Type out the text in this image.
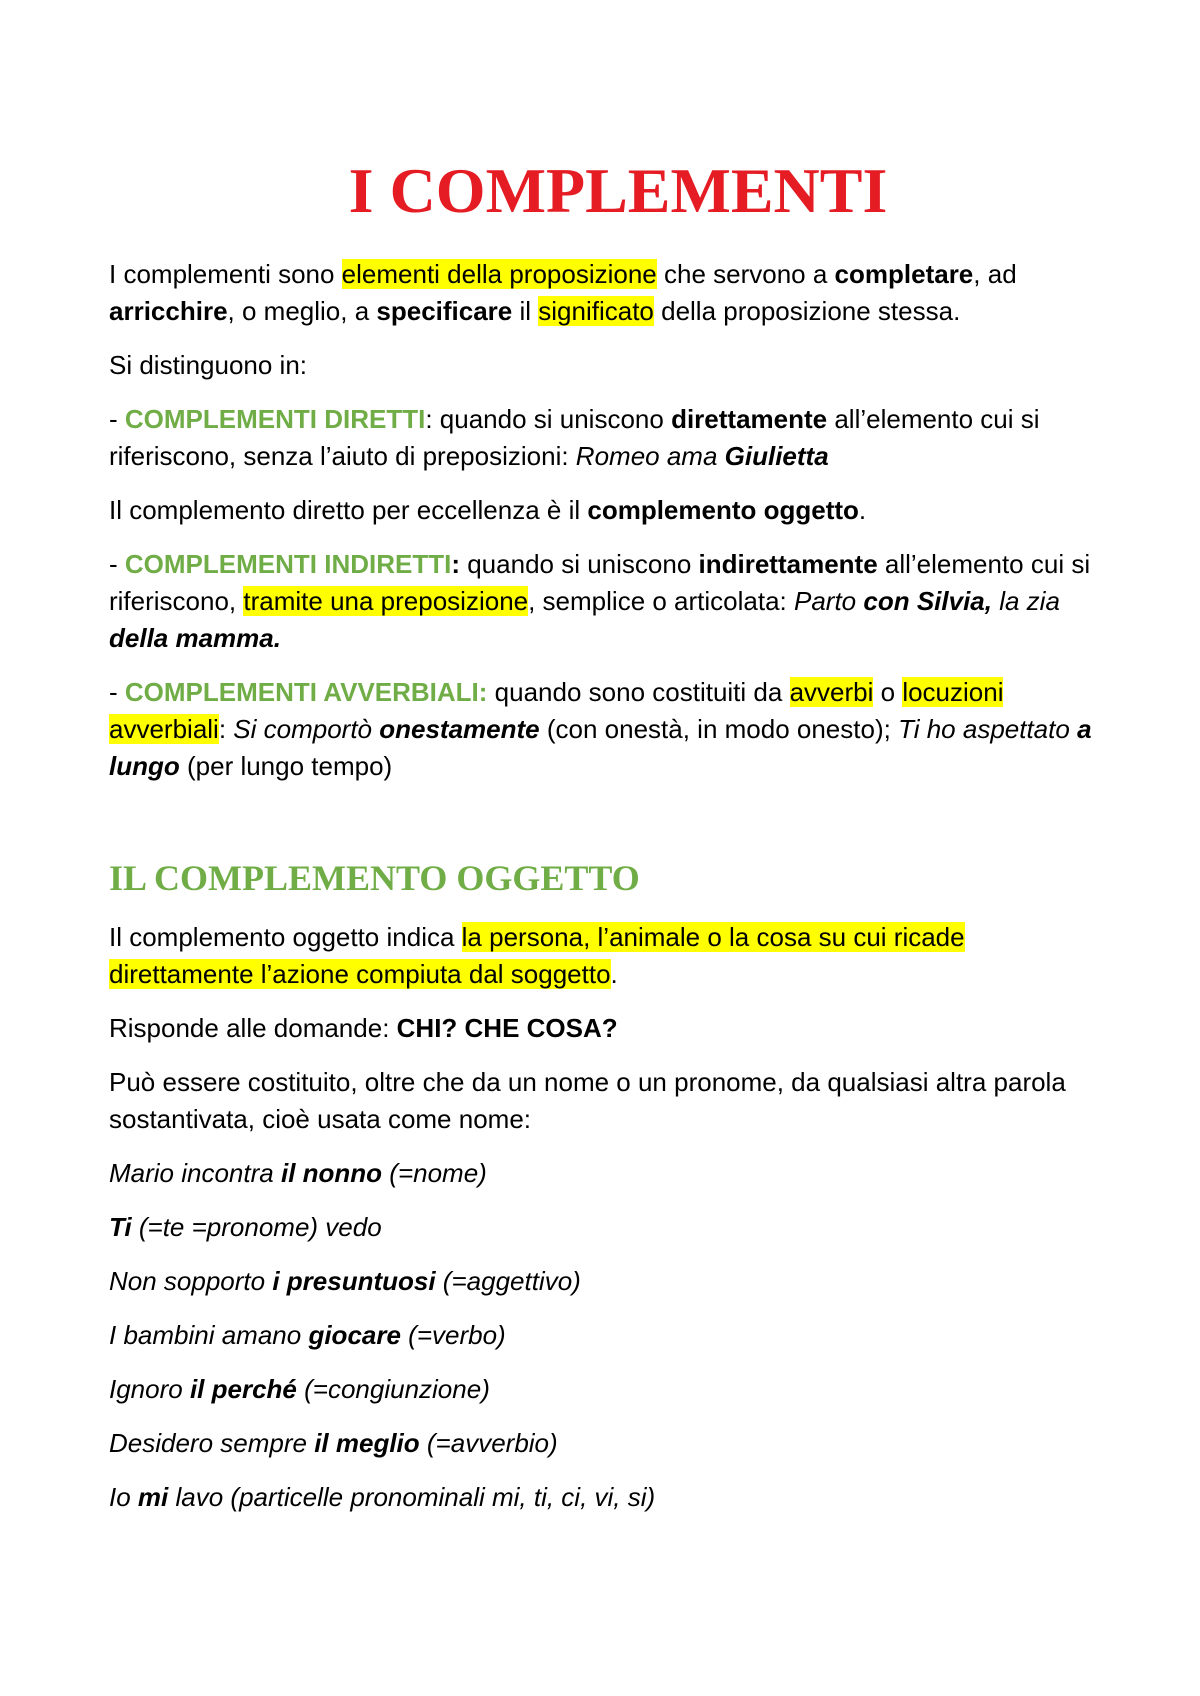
I COMPLEMENTI
I complementi sono elementi della proposizione che servono a completare, ad
arricchire, o meglio, a specificare il significato della proposizione stessa.
Si distinguono in:
- COMPLEMENTI DIRETTI: quando si uniscono direttamente all’elemento cui si
riferiscono, senza l’aiuto di preposizioni: Romeo ama Giulietta
Il complemento diretto per eccellenza è il complemento oggetto.
- COMPLEMENTI INDIRETTI: quando si uniscono indirettamente all’elemento cui si
riferiscono, tramite una preposizione, semplice o articolata: Parto con Silvia, la zia
della mamma.
- COMPLEMENTI AVVERBIALI: quando sono costituiti da avverbi o locuzioni
avverbiali: Si comportò onestamente (con onestà, in modo onesto); Ti ho aspettato a
lungo (per lungo tempo)
IL COMPLEMENTO OGGETTO
Il complemento oggetto indica la persona, l’animale o la cosa su cui ricade
direttamente l’azione compiuta dal soggetto.
Risponde alle domande: CHI? CHE COSA?
Può essere costituito, oltre che da un nome o un pronome, da qualsiasi altra parola
sostantivata, cioè usata come nome:
Mario incontra il nonno (=nome)
Ti (=te =pronome) vedo
Non sopporto i presuntuosi (=aggettivo)
I bambini amano giocare (=verbo)
Ignoro il perché (=congiunzione)
Desidero sempre il meglio (=avverbio)
Io mi lavo (particelle pronominali mi, ti, ci, vi, si)
